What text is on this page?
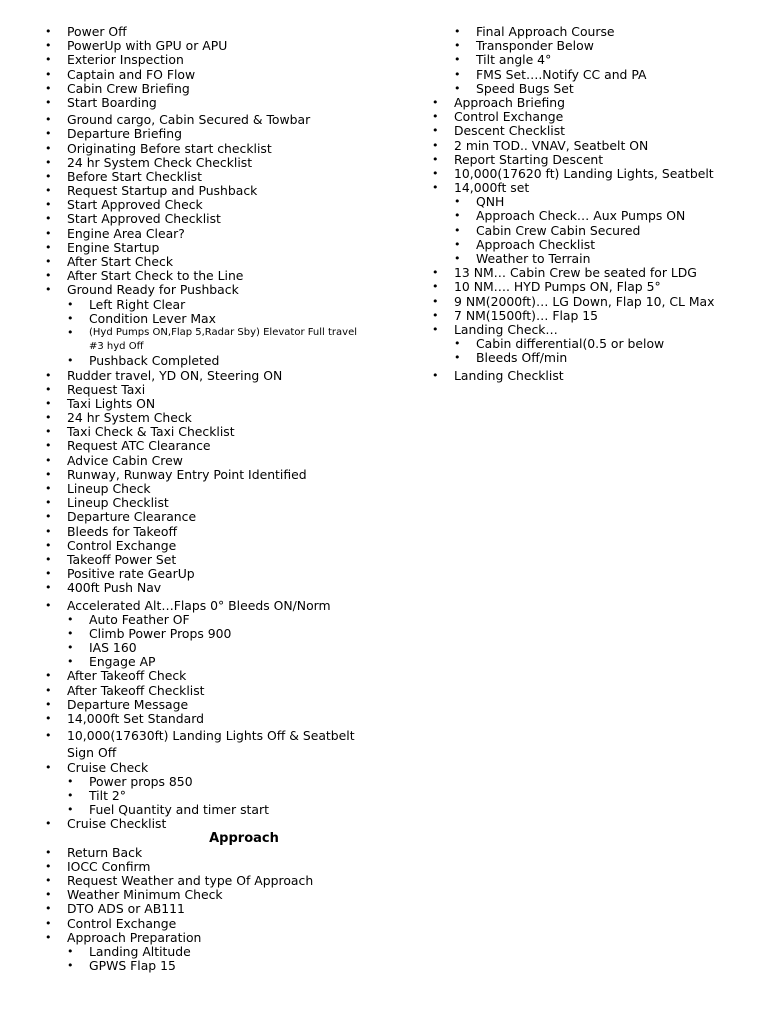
• Power Off
• PowerUp with GPU or APU
• Exterior Inspection
• Captain and FO Flow
• Cabin Crew Briefing
• Start Boarding
• Ground cargo, Cabin Secured & Towbar
• Departure Briefing
• Originating Before start checklist
• 24 hr System Check Checklist
• Before Start Checklist
• Request Startup and Pushback
• Start Approved Check
• Start Approved Checklist
• Engine Area Clear?
• Engine Startup
• After Start Check
• After Start Check to the Line
• Ground Ready for Pushback
• Left Right Clear
• Condition Lever Max
• (Hyd Pumps ON,Flap 5,Radar Sby) Elevator Full travel
#3 hyd Off
• Pushback Completed
• Rudder travel, YD ON, Steering ON
• Request Taxi
• Taxi Lights ON
• 24 hr System Check
• Taxi Check & Taxi Checklist
• Request ATC Clearance
• Advice Cabin Crew
• Runway, Runway Entry Point Identified
• Lineup Check
• Lineup Checklist
• Departure Clearance
• Bleeds for Takeoff
• Control Exchange
• Takeoff Power Set
• Positive rate GearUp
• 400ft Push Nav
• Accelerated Alt…Flaps 0° Bleeds ON/Norm
• Auto Feather OF
• Climb Power Props 900
• IAS 160
• Engage AP
• After Takeoff Check
• After Takeoff Checklist
• Departure Message
• 14,000ft Set Standard
• 10,000(17630ft) Landing Lights Off & Seatbelt
Sign Off
• Cruise Check
• Power props 850
• Tilt 2°
• Fuel Quantity and timer start
• Cruise Checklist
Approach
• Return Back
• IOCC Confirm
• Request Weather and type Of Approach
• Weather Minimum Check
• DTO ADS or AB111
• Control Exchange
• Approach Preparation
• Landing Altitude
• GPWS Flap 15
• Final Approach Course
• Transponder Below
• Tilt angle 4°
• FMS Set….Notify CC and PA
• Speed Bugs Set
• Approach Briefing
• Control Exchange
• Descent Checklist
• 2 min TOD.. VNAV, Seatbelt ON
• Report Starting Descent
• 10,000(17620 ft) Landing Lights, Seatbelt
• 14,000ft set
• QNH
• Approach Check… Aux Pumps ON
• Cabin Crew Cabin Secured
• Approach Checklist
• Weather to Terrain
• 13 NM… Cabin Crew be seated for LDG
• 10 NM…. HYD Pumps ON, Flap 5°
• 9 NM(2000ft)… LG Down, Flap 10, CL Max
• 7 NM(1500ft)… Flap 15
• Landing Check…
• Cabin differential(0.5 or below
• Bleeds Off/min
• Landing Checklist
